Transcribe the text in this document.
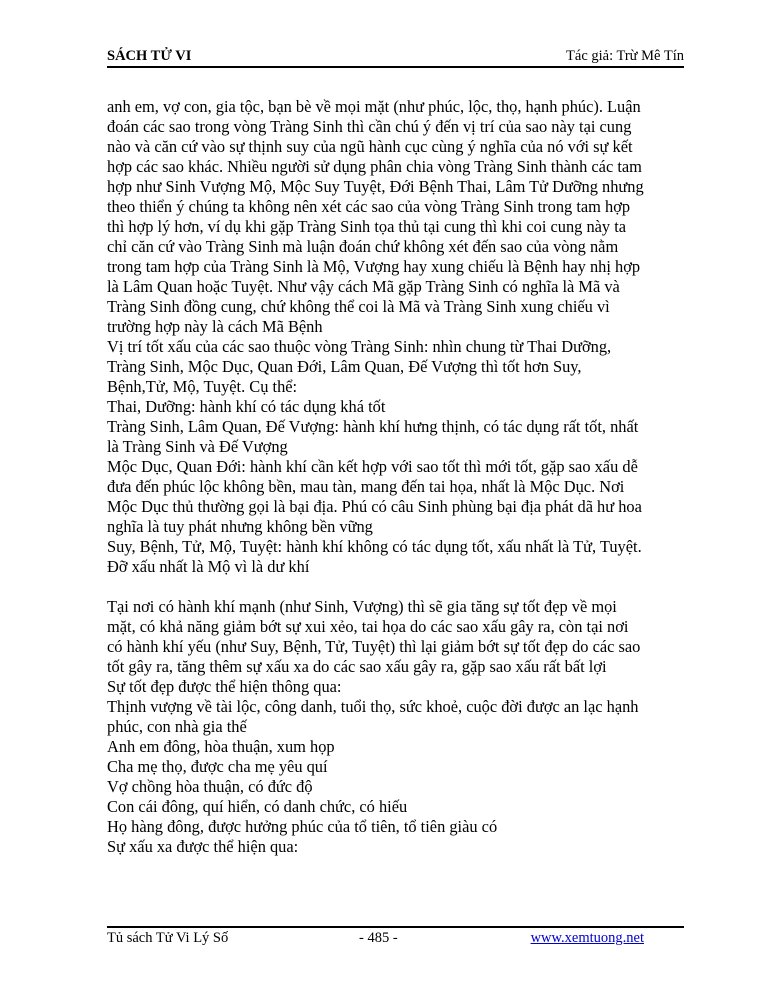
SÁCH TỬ VI	Tác giả: Trừ Mê Tín
anh em, vợ con, gia tộc, bạn bè về mọi mặt (như phúc, lộc, thọ, hạnh phúc). Luận
đoán các sao trong vòng Tràng Sinh thì cần chú ý đến vị trí của sao này tại cung
nào và căn cứ vào sự thịnh suy của ngũ hành cục cùng ý nghĩa của nó với sự kết
hợp các sao khác. Nhiều người sử dụng phân chia vòng Tràng Sinh thành các tam
hợp như Sinh Vượng Mộ, Mộc Suy Tuyệt, Đới Bệnh Thai, Lâm Tử Dưỡng nhưng
theo thiển ý chúng ta không nên xét các sao của vòng Tràng Sinh trong tam hợp
thì hợp lý hơn, ví dụ khi gặp Tràng Sinh tọa thủ tại cung thì khi coi cung này ta
chỉ căn cứ vào Tràng Sinh mà luận đoán chứ không xét đến sao của vòng nằm
trong tam hợp của Tràng Sinh là Mộ, Vượng hay xung chiếu là Bệnh hay nhị hợp
là Lâm Quan hoặc Tuyệt. Như vậy cách Mã gặp Tràng Sinh có nghĩa là Mã và
Tràng Sinh đồng cung, chứ không thể coi là Mã và Tràng Sinh xung chiếu vì
trường hợp này là cách Mã Bệnh
Vị trí tốt xấu của các sao thuộc vòng Tràng Sinh: nhìn chung từ Thai Dưỡng,
Tràng Sinh, Mộc Dục, Quan Đới, Lâm Quan, Đế Vượng thì tốt hơn Suy,
Bệnh,Tử, Mộ, Tuyệt. Cụ thể:
Thai, Dưỡng: hành khí có tác dụng khá tốt
Tràng Sinh, Lâm Quan, Đế Vượng: hành khí hưng thịnh, có tác dụng rất tốt, nhất
là Tràng Sinh và Đế Vượng
Mộc Dục, Quan Đới: hành khí cần kết hợp với sao tốt thì mới tốt, gặp sao xấu dễ
đưa đến phúc lộc không bền, mau tàn, mang đến tai họa, nhất là Mộc Dục. Nơi
Mộc Dục thủ thường gọi là bại địa. Phú có câu Sinh phùng bại địa phát dã hư hoa
nghĩa là tuy phát nhưng không bền vững
Suy, Bệnh, Tử, Mộ, Tuyệt: hành khí không có tác dụng tốt, xấu nhất là Tử, Tuyệt.
Đỡ xấu nhất là Mộ vì là dư khí
Tại nơi có hành khí mạnh (như Sinh, Vượng) thì sẽ gia tăng sự tốt đẹp về mọi
mặt, có khả năng giảm bớt sự xui xẻo, tai họa do các sao xấu gây ra, còn tại nơi
có hành khí yếu (như Suy, Bệnh, Tử, Tuyệt) thì lại giảm bớt sự tốt đẹp do các sao
tốt gây ra, tăng thêm sự xấu xa do các sao xấu gây ra, gặp sao xấu rất bất lợi
Sự tốt đẹp được thể hiện thông qua:
Thịnh vượng về tài lộc, công danh, tuổi thọ, sức khoẻ, cuộc đời được an lạc hạnh
phúc, con nhà gia thế
Anh em đông, hòa thuận, xum họp
Cha mẹ thọ, được cha mẹ yêu quí
Vợ chồng hòa thuận, có đức độ
Con cái đông, quí hiển, có danh chức, có hiếu
Họ hàng đông, được hưởng phúc của tổ tiên, tổ tiên giàu có
Sự xấu xa được thể hiện qua:
Tủ sách Tử Vi Lý Số	- 485 -	www.xemtuong.net
